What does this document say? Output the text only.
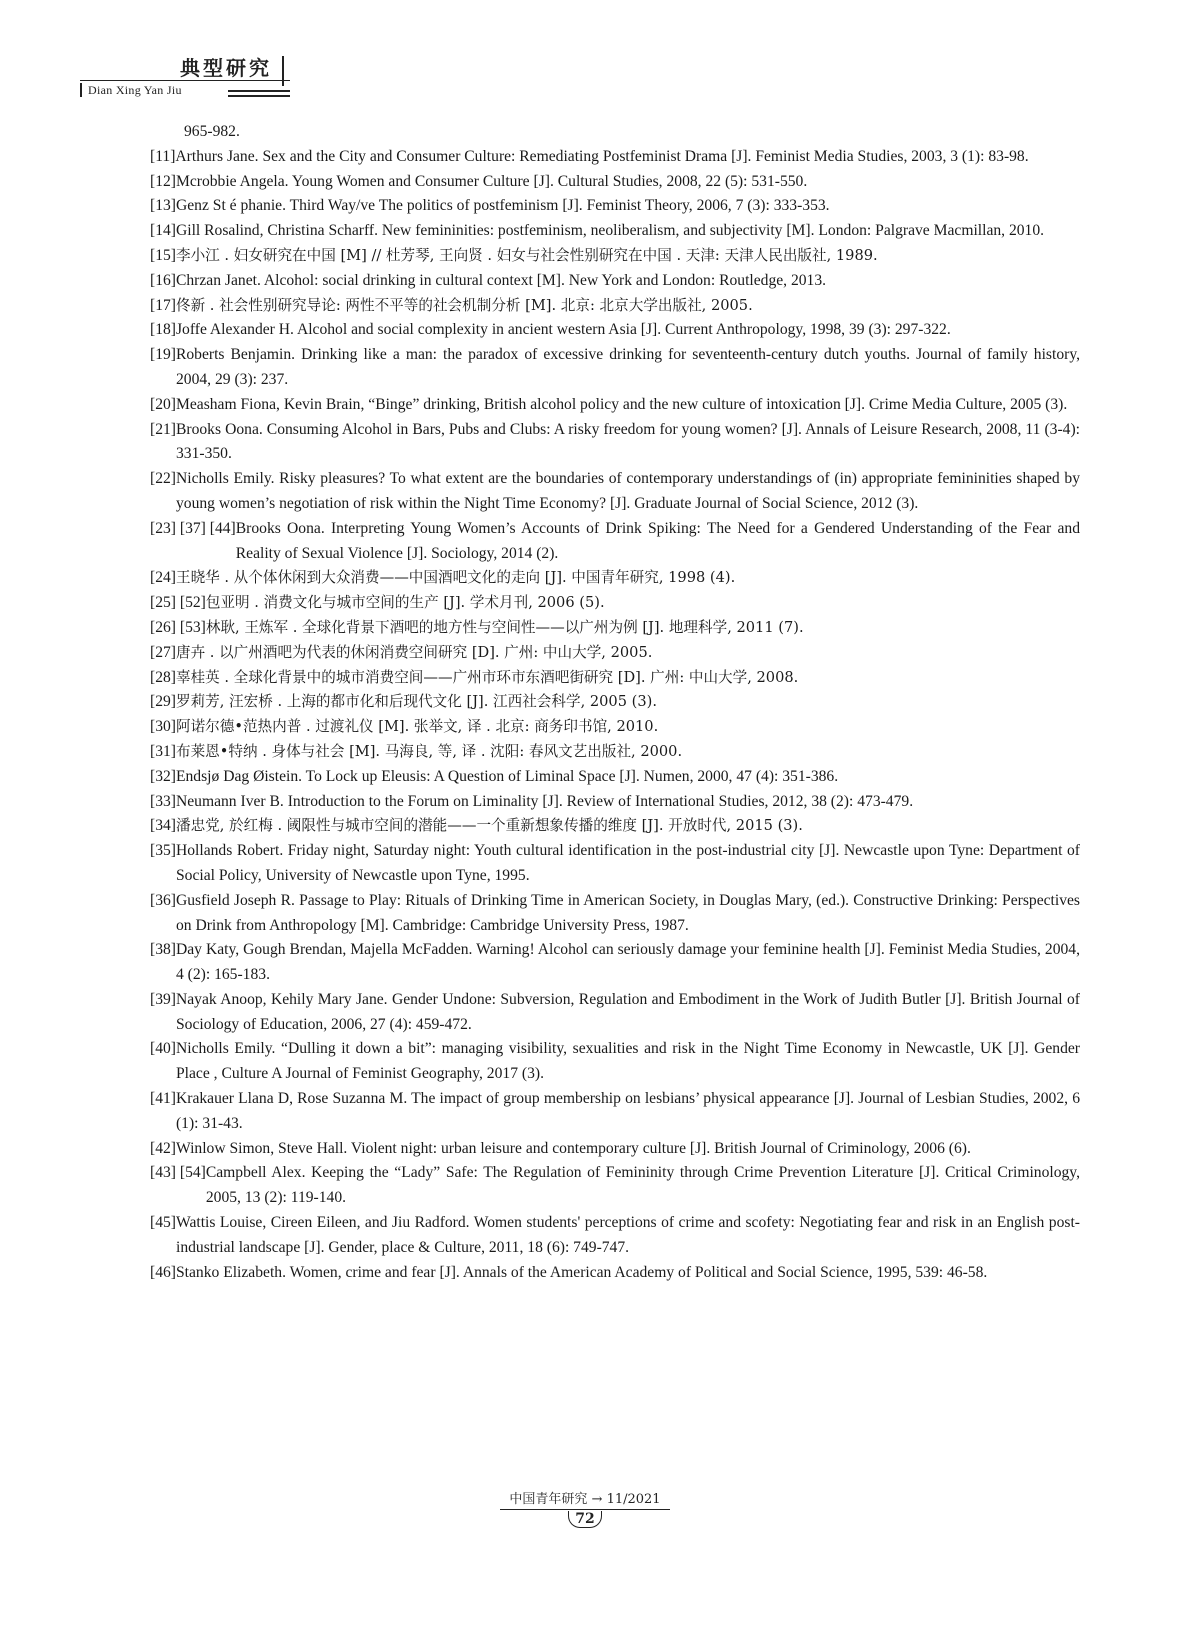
典型研究
Dian Xing Yan Jiu
965-982.
[11] Arthurs Jane. Sex and the City and Consumer Culture: Remediating Postfeminist Drama [J]. Feminist Media Studies, 2003, 3 (1): 83-98.
[12] Mcrobbie Angela. Young Women and Consumer Culture [J]. Cultural Studies, 2008, 22 (5): 531-550.
[13] Genz St é phanie. Third Way/ve The politics of postfeminism [J]. Feminist Theory, 2006, 7 (3): 333-353.
[14] Gill Rosalind, Christina Scharff. New femininities: postfeminism, neoliberalism, and subjectivity [M]. London: Palgrave Macmillan, 2010.
[15] 李小江 . 妇女研究在中国 [M] // 杜芳琴, 王向贤 . 妇女与社会性别研究在中国 . 天津: 天津人民出版社, 1989.
[16] Chrzan Janet. Alcohol: social drinking in cultural context [M]. New York and London: Routledge, 2013.
[17] 佟新 . 社会性别研究导论: 两性不平等的社会机制分析 [M]. 北京: 北京大学出版社, 2005.
[18] Joffe Alexander H. Alcohol and social complexity in ancient western Asia [J]. Current Anthropology, 1998, 39 (3): 297-322.
[19] Roberts Benjamin. Drinking like a man: the paradox of excessive drinking for seventeenth-century dutch youths. Journal of family history, 2004, 29 (3): 237.
[20] Measham Fiona, Kevin Brain, “Binge” drinking, British alcohol policy and the new culture of intoxication [J]. Crime Media Culture, 2005 (3).
[21] Brooks Oona. Consuming Alcohol in Bars, Pubs and Clubs: A risky freedom for young women? [J]. Annals of Leisure Research, 2008, 11 (3-4): 331-350.
[22] Nicholls Emily. Risky pleasures? To what extent are the boundaries of contemporary understandings of (in) appropriate femininities shaped by young women’s negotiation of risk within the Night Time Economy? [J]. Graduate Journal of Social Science, 2012 (3).
[23] [37] [44] Brooks Oona. Interpreting Young Women’s Accounts of Drink Spiking: The Need for a Gendered Understanding of the Fear and Reality of Sexual Violence [J]. Sociology, 2014 (2).
[24] 王晓华 . 从个体休闲到大众消费——中国酒吧文化的走向 [J]. 中国青年研究, 1998 (4).
[25] [52] 包亚明 . 消费文化与城市空间的生产 [J]. 学术月刊, 2006 (5).
[26] [53] 林耿, 王炼军 . 全球化背景下酒吧的地方性与空间性——以广州为例 [J]. 地理科学, 2011 (7).
[27] 唐卉 . 以广州酒吧为代表的休闲消费空间研究 [D]. 广州: 中山大学, 2005.
[28] 辜桂英 . 全球化背景中的城市消费空间——广州市环市东酒吧街研究 [D]. 广州: 中山大学, 2008.
[29] 罗莉芳, 汪宏桥 . 上海的都市化和后现代文化 [J]. 江西社会科学, 2005 (3).
[30] 阿诺尔德•范热内普 . 过渡礼仪 [M]. 张举文, 译 . 北京: 商务印书馆, 2010.
[31] 布莱恩•特纳 . 身体与社会 [M]. 马海良, 等, 译 . 沈阳: 春风文艺出版社, 2000.
[32] Endsjø Dag Øistein. To Lock up Eleusis: A Question of Liminal Space [J]. Numen, 2000, 47 (4): 351-386.
[33] Neumann Iver B. Introduction to the Forum on Liminality [J]. Review of International Studies, 2012, 38 (2): 473-479.
[34] 潘忠党, 於红梅 . 阈限性与城市空间的潜能——一个重新想象传播的维度 [J]. 开放时代, 2015 (3).
[35] Hollands Robert. Friday night, Saturday night: Youth cultural identification in the post-industrial city [J]. Newcastle upon Tyne: Department of Social Policy, University of Newcastle upon Tyne, 1995.
[36] Gusfield Joseph R. Passage to Play: Rituals of Drinking Time in American Society, in Douglas Mary, (ed.). Constructive Drinking: Perspectives on Drink from Anthropology [M]. Cambridge: Cambridge University Press, 1987.
[38] Day Katy, Gough Brendan, Majella McFadden. Warning! Alcohol can seriously damage your feminine health [J]. Feminist Media Studies, 2004, 4 (2): 165-183.
[39] Nayak Anoop, Kehily Mary Jane. Gender Undone: Subversion, Regulation and Embodiment in the Work of Judith Butler [J]. British Journal of Sociology of Education, 2006, 27 (4): 459-472.
[40] Nicholls Emily. “Dulling it down a bit”: managing visibility, sexualities and risk in the Night Time Economy in Newcastle, UK [J]. Gender Place , Culture A Journal of Feminist Geography, 2017 (3).
[41] Krakauer Llana D, Rose Suzanna M. The impact of group membership on lesbians’ physical appearance [J]. Journal of Lesbian Studies, 2002, 6 (1): 31-43.
[42] Winlow Simon, Steve Hall. Violent night: urban leisure and contemporary culture [J]. British Journal of Criminology, 2006 (6).
[43] [54] Campbell Alex. Keeping the “Lady” Safe: The Regulation of Femininity through Crime Prevention Literature [J]. Critical Criminology, 2005, 13 (2): 119-140.
[45] Wattis Louise, Cireen Eileen, and Jiu Radford. Women students' perceptions of crime and scofety: Negotiating fear and risk in an English post-industrial landscape [J]. Gender, place & Culture, 2011, 18 (6): 749-747.
[46] Stanko Elizabeth. Women, crime and fear [J]. Annals of the American Academy of Political and Social Science, 1995, 539: 46-58.
中国青年研究 → 11/2021
72
